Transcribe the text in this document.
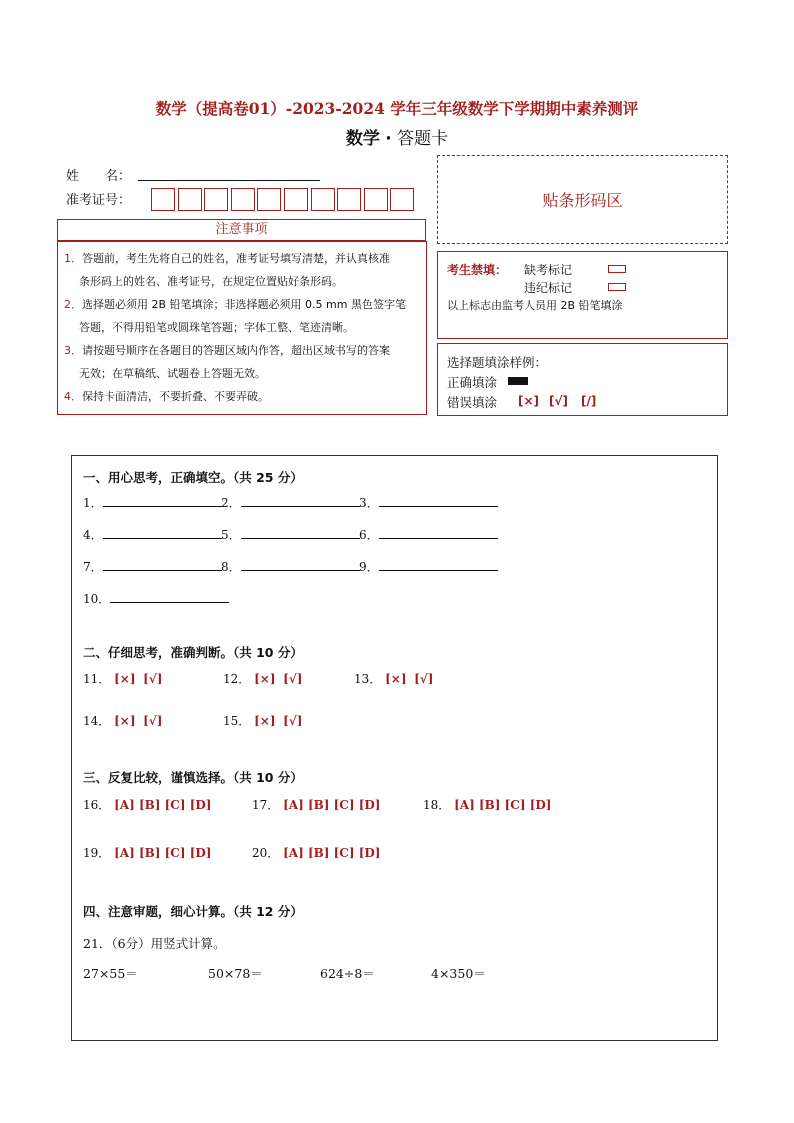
数学（提高卷01）-2023-2024 学年三年级数学下学期期中素养测评
数学 · 答题卡
姓　　名：
准考证号：	贴条形码区
注意事项
1．答题前，考生先将自己的姓名，准考证号填写清楚，并认真核准
条形码上的姓名、准考证号，在规定位置贴好条形码。
2．选择题必须用 2B 铅笔填涂；非选择题必须用 0.5 mm 黑色签字笔
答题，不得用铅笔或圆珠笔答题；字体工整、笔迹清晰。
3．请按题号顺序在各题目的答题区域内作答，超出区域书写的答案
无效；在草稿纸、试题卷上答题无效。
4．保持卡面清洁，不要折叠、不要弄破。
考生禁填： 缺考标记
违纪标记
以上标志由监考人员用 2B 铅笔填涂
选择题填涂样例：
正确填涂
错误填涂 [×] [√] [/]
一、用心思考，正确填空。（共 25 分）
1．	2．	3．
4．	5．	6．
7．	8．	9．
10．
二、仔细思考，准确判断。（共 10 分）
11． [×] [√]	12． [×] [√]	13． [×] [√]
14． [×] [√]	15． [×] [√]
三、反复比较，谨慎选择。（共 10 分）
16． [A] [B] [C] [D]	17． [A] [B] [C] [D]	18． [A] [B] [C] [D]
19． [A] [B] [C] [D]	20． [A] [B] [C] [D]
四、注意审题，细心计算。（共 12 分）
21．（6分）用竖式计算。
27×55＝	50×78＝	624÷8＝	4×350＝
